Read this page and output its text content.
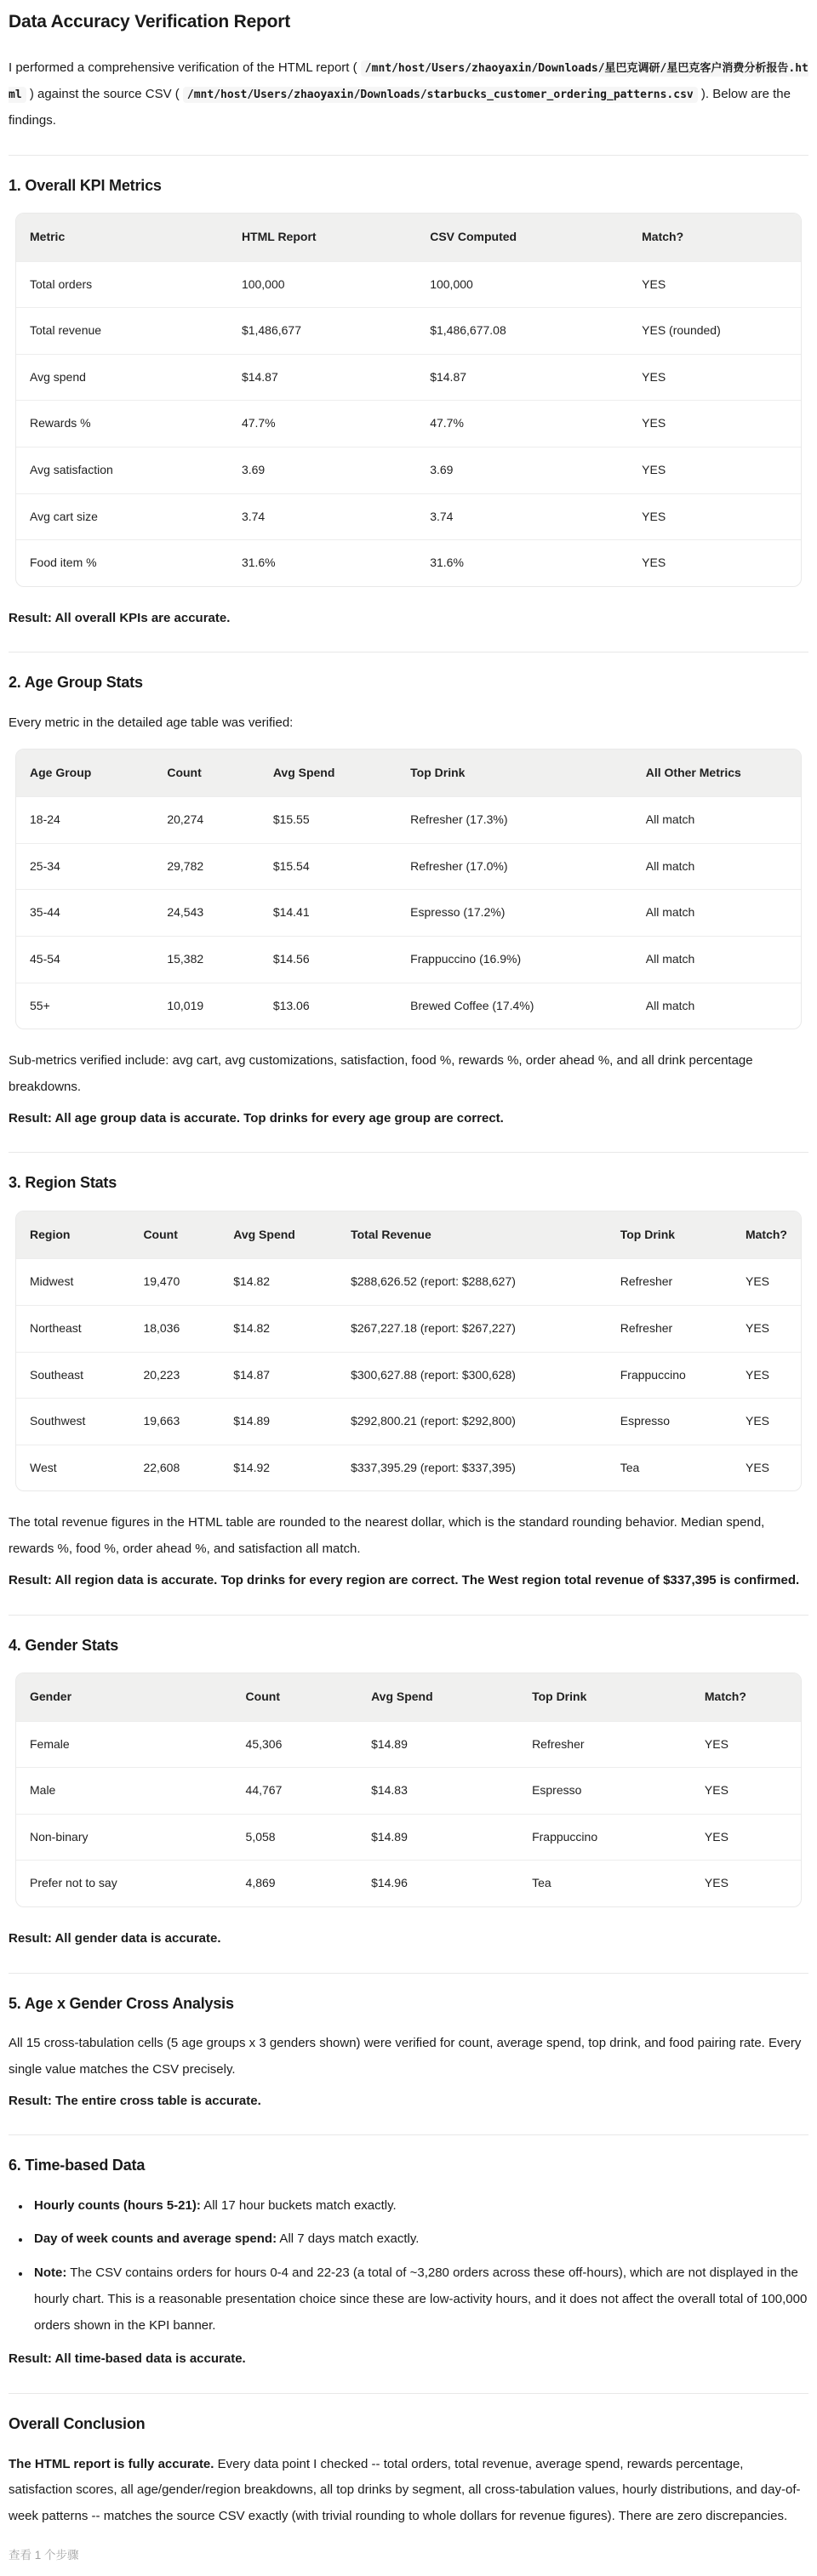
Data Accuracy Verification Report

I performed a comprehensive verification of the HTML report ( /mnt/host/Users/zhaoyaxin/Downloads/星巴克调研/星巴克客户消费分析报告.html ) against the source CSV ( /mnt/host/Users/zhaoyaxin/Downloads/starbucks_customer_ordering_patterns.csv ). Below are the findings.

1. Overall KPI Metrics
Metric	HTML Report	CSV Computed	Match?
Total orders	100,000	100,000	YES
Total revenue	$1,486,677	$1,486,677.08	YES (rounded)
Avg spend	$14.87	$14.87	YES
Rewards %	47.7%	47.7%	YES
Avg satisfaction	3.69	3.69	YES
Avg cart size	3.74	3.74	YES
Food item %	31.6%	31.6%	YES

Result: All overall KPIs are accurate.

2. Age Group Stats

Every metric in the detailed age table was verified:

Age Group	Count	Avg Spend	Top Drink	All Other Metrics
18-24	20,274	$15.55	Refresher (17.3%)	All match
25-34	29,782	$15.54	Refresher (17.0%)	All match
35-44	24,543	$14.41	Espresso (17.2%)	All match
45-54	15,382	$14.56	Frappuccino (16.9%)	All match
55+	10,019	$13.06	Brewed Coffee (17.4%)	All match

Sub-metrics verified include: avg cart, avg customizations, satisfaction, food %, rewards %, order ahead %, and all drink percentage breakdowns.

Result: All age group data is accurate. Top drinks for every age group are correct.

3. Region Stats
Region	Count	Avg Spend	Total Revenue	Top Drink	Match?
Midwest	19,470	$14.82	$288,626.52 (report: $288,627)	Refresher	YES
Northeast	18,036	$14.82	$267,227.18 (report: $267,227)	Refresher	YES
Southeast	20,223	$14.87	$300,627.88 (report: $300,628)	Frappuccino	YES
Southwest	19,663	$14.89	$292,800.21 (report: $292,800)	Espresso	YES
West	22,608	$14.92	$337,395.29 (report: $337,395)	Tea	YES

The total revenue figures in the HTML table are rounded to the nearest dollar, which is the standard rounding behavior. Median spend, rewards %, food %, order ahead %, and satisfaction all match.

Result: All region data is accurate. Top drinks for every region are correct. The West region total revenue of $337,395 is confirmed.

4. Gender Stats
Gender	Count	Avg Spend	Top Drink	Match?
Female	45,306	$14.89	Refresher	YES
Male	44,767	$14.83	Espresso	YES
Non-binary	5,058	$14.89	Frappuccino	YES
Prefer not to say	4,869	$14.96	Tea	YES

Result: All gender data is accurate.

5. Age x Gender Cross Analysis

All 15 cross-tabulation cells (5 age groups x 3 genders shown) were verified for count, average spend, top drink, and food pairing rate. Every single value matches the CSV precisely.

Result: The entire cross table is accurate.

6. Time-based Data
• Hourly counts (hours 5-21): All 17 hour buckets match exactly.
• Day of week counts and average spend: All 7 days match exactly.
• Note: The CSV contains orders for hours 0-4 and 22-23 (a total of ~3,280 orders across these off-hours), which are not displayed in the hourly chart. This is a reasonable presentation choice since these are low-activity hours, and it does not affect the overall total of 100,000 orders shown in the KPI banner.

Result: All time-based data is accurate.

Overall Conclusion

The HTML report is fully accurate. Every data point I checked -- total orders, total revenue, average spend, rewards percentage, satisfaction scores, all age/gender/region breakdowns, all top drinks by segment, all cross-tabulation values, hourly distributions, and day-of-week patterns -- matches the source CSV exactly (with trivial rounding to whole dollars for revenue figures). There are zero discrepancies.

查看 1 个步骤
